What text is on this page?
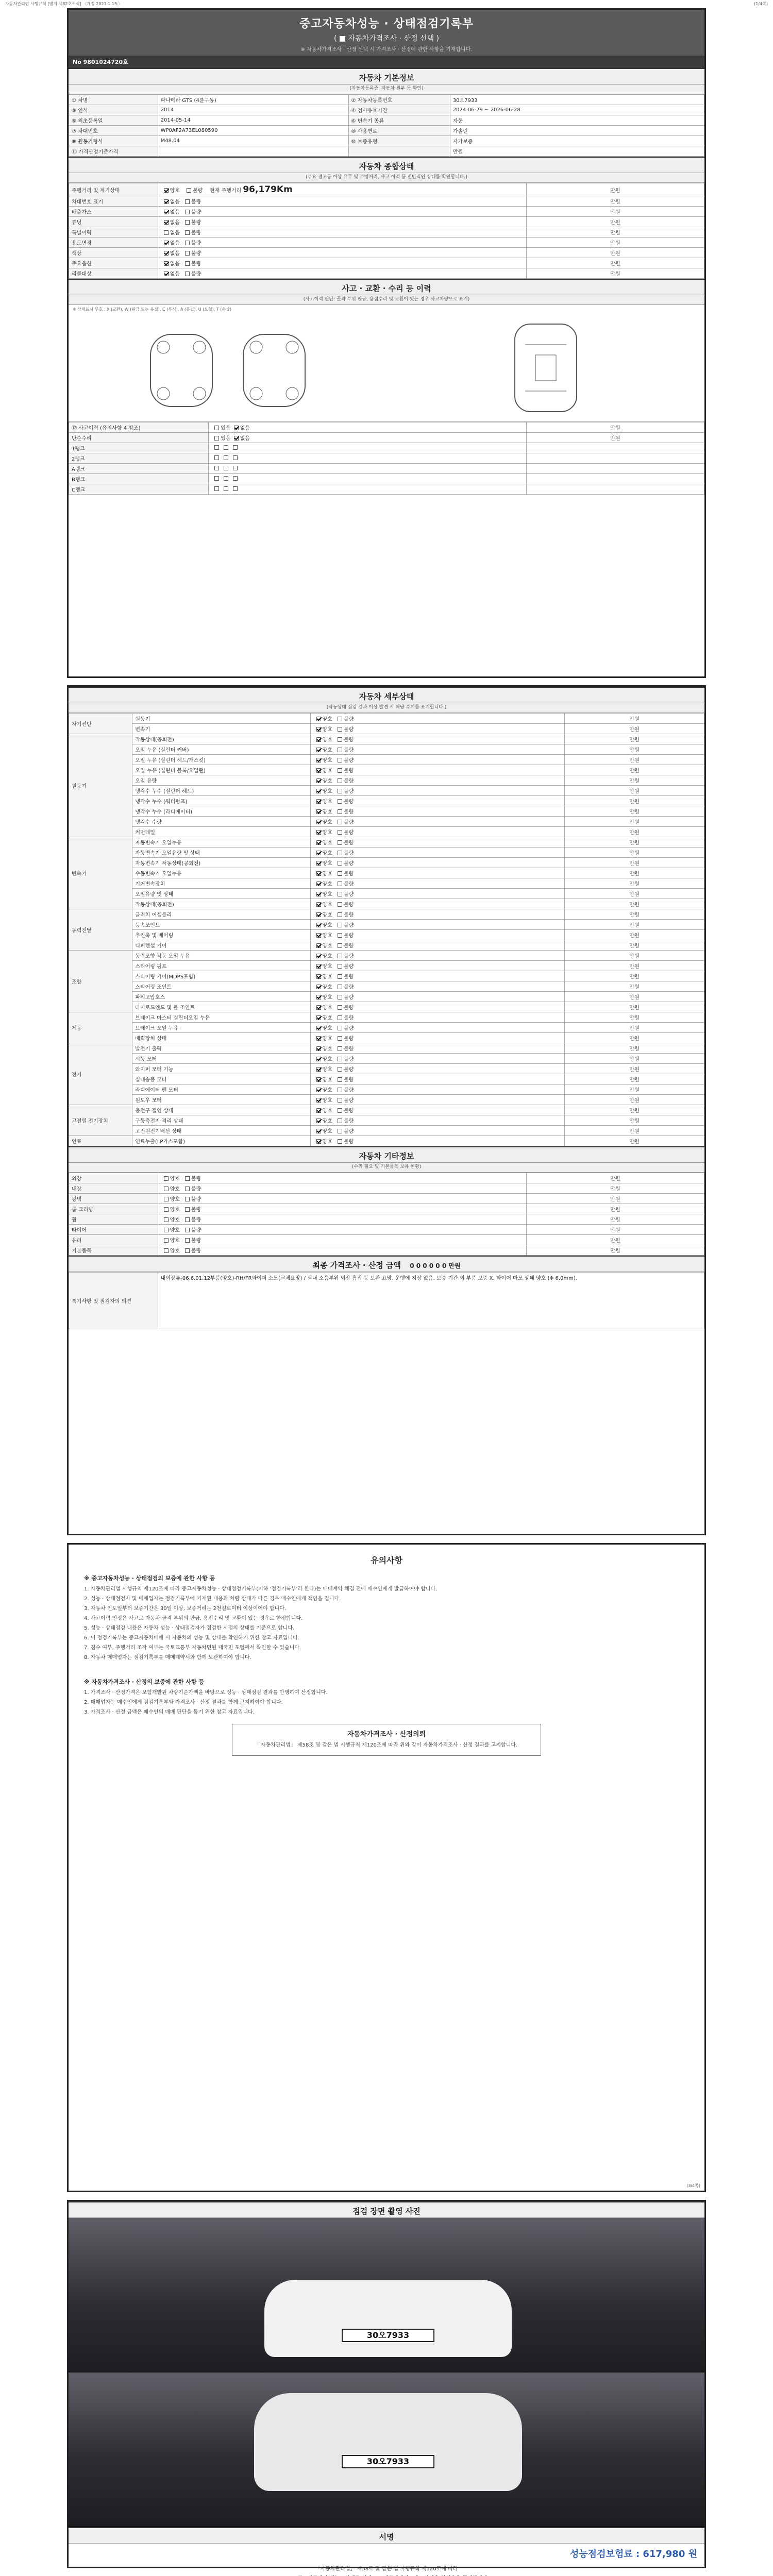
자동차관리법 시행규칙 [별지 제82호서식] 〈개정 2021.1.15.〉	(1/4쪽)
중고자동차성능 · 상태점검기록부
( ■ 자동차가격조사 · 산정 선택 )
※ 자동차가격조사 · 산정 선택 시 가격조사 · 산정에 관한 사항을 기재합니다.
No 9801024720호
자동차 기본정보
(자동차등록증, 자동차 원부 등 확인)
① 차명	파나메라 GTS (4륜구동)	② 자동차등록번호	30오7933
③ 연식	2014	④ 검사유효기간	2024-06-29 ~ 2026-06-28
⑤ 최초등록일	2014-05-14	⑥ 변속기 종류	자동
⑦ 차대번호	WP0AF2A73EL080590	⑧ 사용연료	가솔린
⑨ 원동기형식	M48.04	⑩ 보증유형	자가보증
⑪ 가격산정기준가격			만원
자동차 종합상태
(주요 경고등 이상 유무 및 주행거리, 사고 이력 등 전반적인 상태를 확인합니다.)
주행거리 및 계기상태	양호 불량 현재 주행거리 96,179Km	만원
차대번호 표기	없음 불량	만원
배출가스	없음 불량	만원
튜닝	없음 불량	만원
특별이력	없음 불량	만원
용도변경	없음 불량	만원
색상	없음 불량	만원
주요옵션	없음 불량	만원
리콜대상	없음 불량	만원
사고 · 교환 · 수리 등 이력
(사고이력 판단: 골격 부위 판금, 용접수리 및 교환이 있는 경우 사고차량으로 표기)
※ 상태표시 부호 : X (교환), W (판금 또는 용접), C (부식), A (흠집), U (요철), T (손상)
⑫ 사고이력 (유의사항 4 참조)	있음 없음	만원
단순수리	있음 없음	만원
1랭크		
2랭크		
A랭크		
B랭크		
C랭크		
자동차 세부상태
(작동상태 점검 결과 이상 발견 시 해당 부위를 표기합니다.)
자기진단	원동기	양호 불량	만원
	변속기	양호 불량	만원
원동기	작동상태(공회전)	양호 불량	만원
	오일 누유 (실린더 커버)	양호 불량	만원
	오일 누유 (실린더 헤드/개스킷)	양호 불량	만원
	오일 누유 (실린더 블록/오일팬)	양호 불량	만원
	오일 유량	양호 불량	만원
	냉각수 누수 (실린더 헤드)	양호 불량	만원
	냉각수 누수 (워터펌프)	양호 불량	만원
	냉각수 누수 (라디에이터)	양호 불량	만원
	냉각수 수량	양호 불량	만원
	커먼레일	양호 불량	만원
변속기	자동변속기 오일누유	양호 불량	만원
	자동변속기 오일유량 및 상태	양호 불량	만원
	자동변속기 작동상태(공회전)	양호 불량	만원
	수동변속기 오일누유	양호 불량	만원
	기어변속장치	양호 불량	만원
	오일유량 및 상태	양호 불량	만원
	작동상태(공회전)	양호 불량	만원
동력전달	클러치 어셈블리	양호 불량	만원
	등속조인트	양호 불량	만원
	추진축 및 베어링	양호 불량	만원
	디퍼렌셜 기어	양호 불량	만원
조향	동력조향 작동 오일 누유	양호 불량	만원
	스티어링 펌프	양호 불량	만원
	스티어링 기어(MDPS포함)	양호 불량	만원
	스티어링 조인트	양호 불량	만원
	파워고압호스	양호 불량	만원
	타이로드엔드 및 볼 조인트	양호 불량	만원
제동	브레이크 마스터 실린더오일 누유	양호 불량	만원
	브레이크 오일 누유	양호 불량	만원
	배력장치 상태	양호 불량	만원
전기	발전기 출력	양호 불량	만원
	시동 모터	양호 불량	만원
	와이퍼 모터 기능	양호 불량	만원
	실내송풍 모터	양호 불량	만원
	라디에이터 팬 모터	양호 불량	만원
	윈도우 모터	양호 불량	만원
고전원 전기장치	충전구 절연 상태	양호 불량	만원
	구동축전지 격리 상태	양호 불량	만원
	고전원전기배선 상태	양호 불량	만원
연료	연료누출(LP가스포함)	양호 불량	만원
자동차 기타정보
(수리 필요 및 기본품목 보유 현황)
외장	양호 불량	만원
내장	양호 불량	만원
광택	양호 불량	만원
룸 크리닝	양호 불량	만원
휠	양호 불량	만원
타이어	양호 불량	만원
유리	양호 불량	만원
기본품목	양호 불량	만원
최종 가격조사 · 산정 금액 0 0 0 0 0 0 만원
특기사항 및 점검자의 의견	내외장류-06.6.01.12부품(양호)-RH/FR와이퍼 소모(교체요망) / 실내 소음부위 외장 흠집 등 보완 요망. 운행에 지장 없음. 보증 기간 외 부품 보증 X. 타이어 마모 상태 양호 (Φ 6.0mm).
유의사항
※ 중고자동차성능 · 상태점검의 보증에 관한 사항 등

1. 자동차관리법 시행규칙 제120조에 따라 중고자동차성능 · 상태점검기록부(이하 '점검기록부'라 한다)는 매매계약 체결 전에 매수인에게 발급하여야 합니다.

2. 성능 · 상태점검자 및 매매업자는 점검기록부에 기재된 내용과 차량 상태가 다른 경우 매수인에게 책임을 집니다.

3. 자동차 인도일부터 보증기간은 30일 이상, 보증거리는 2천킬로미터 이상이어야 합니다.

4. 사고이력 인정은 사고로 자동차 골격 부위의 판금, 용접수리 및 교환이 있는 경우로 한정합니다.

5. 성능 · 상태점검 내용은 자동차 성능 · 상태점검자가 점검한 시점의 상태를 기준으로 합니다.

6. 이 점검기록부는 중고자동차매매 시 자동차의 성능 및 상태를 확인하기 위한 참고 자료입니다.

7. 침수 여부, 주행거리 조작 여부는 국토교통부 자동차민원 대국민 포털에서 확인할 수 있습니다.

8. 자동차 매매업자는 점검기록부를 매매계약서와 함께 보관하여야 합니다.

※ 자동차가격조사 · 산정의 보증에 관한 사항 등

1. 가격조사 · 산정가격은 보험개발원 차량기준가액을 바탕으로 성능 · 상태점검 결과를 반영하여 산정합니다.

2. 매매업자는 매수인에게 점검기록부와 가격조사 · 산정 결과를 함께 고지하여야 합니다.

3. 가격조사 · 산정 금액은 매수인의 매매 판단을 돕기 위한 참고 자료입니다.

자동차가격조사 · 산정의뢰

「자동차관리법」 제58조 및 같은 법 시행규칙 제120조에 따라 위와 같이 자동차가격조사 · 산정 결과를 고지합니다.

(3/4쪽)
점검 장면 촬영 사진
30오7933
30오7933
서명
성능점검보험료 : 617,980 원
「자동차관리법」 제58조 및 같은 법 시행규칙 제120조에 따라
